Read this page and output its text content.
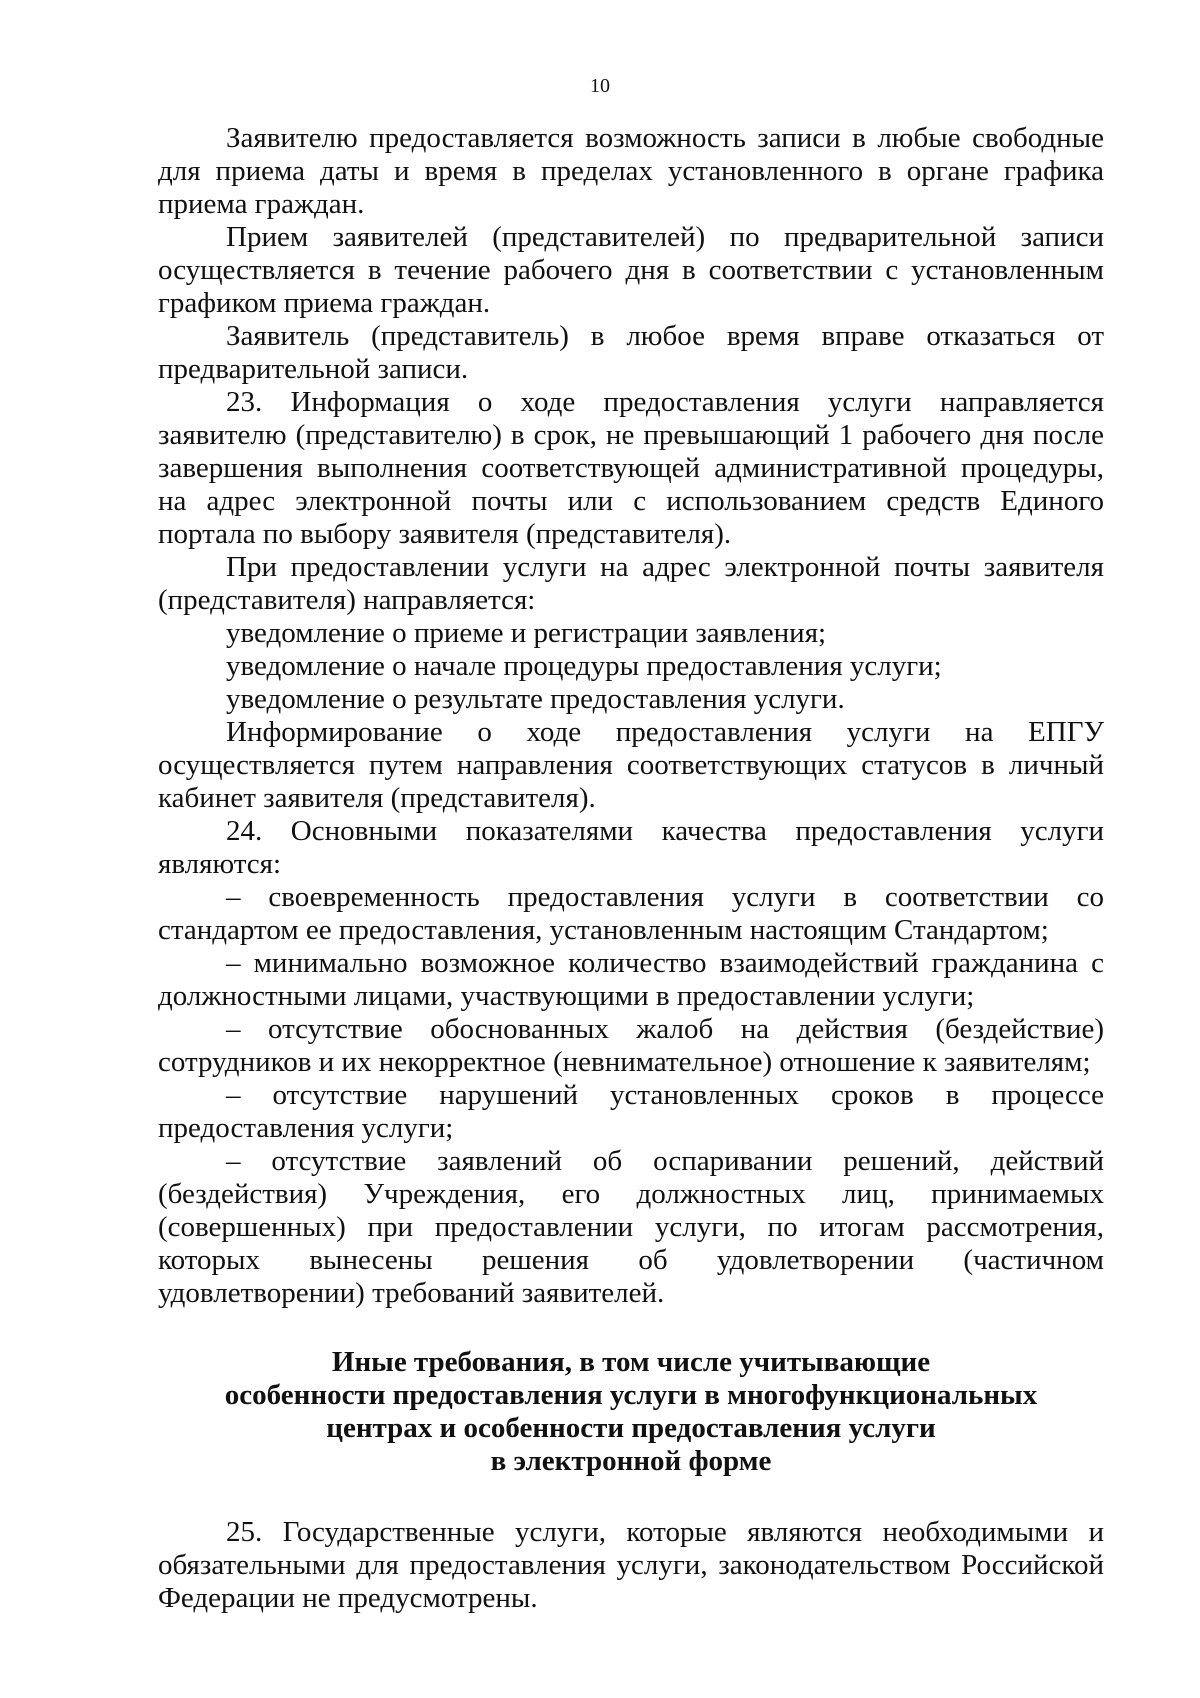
10

Заявителю предоставляется возможность записи в любые свободные для приема даты и время в пределах установленного в органе графика приема граждан.

Прием заявителей (представителей) по предварительной записи осуществляется в течение рабочего дня в соответствии с установленным графиком приема граждан.

Заявитель (представитель) в любое время вправе отказаться от предварительной записи.

23. Информация о ходе предоставления услуги направляется заявителю (представителю) в срок, не превышающий 1 рабочего дня после завершения выполнения соответствующей административной процедуры, на адрес электронной почты или с использованием средств Единого портала по выбору заявителя (представителя).

При предоставлении услуги на адрес электронной почты заявителя (представителя) направляется:

уведомление о приеме и регистрации заявления;

уведомление о начале процедуры предоставления услуги;

уведомление о результате предоставления услуги.

Информирование о ходе предоставления услуги на ЕПГУ осуществляется путем направления соответствующих статусов в личный кабинет заявителя (представителя).

24. Основными показателями качества предоставления услуги являются:

– своевременность предоставления услуги в соответствии со стандартом ее предоставления, установленным настоящим Стандартом;

– минимально возможное количество взаимодействий гражданина с должностными лицами, участвующими в предоставлении услуги;

– отсутствие обоснованных жалоб на действия (бездействие) сотрудников и их некорректное (невнимательное) отношение к заявителям;

– отсутствие нарушений установленных сроков в процессе предоставления услуги;

– отсутствие заявлений об оспаривании решений, действий (бездействия) Учреждения, его должностных лиц, принимаемых (совершенных) при предоставлении услуги, по итогам рассмотрения, которых вынесены решения об удовлетворении (частичном удовлетворении) требований заявителей.

Иные требования, в том числе учитывающие
особенности предоставления услуги в многофункциональных
центрах и особенности предоставления услуги
в электронной форме

25. Государственные услуги, которые являются необходимыми и обязательными для предоставления услуги, законодательством Российской Федерации не предусмотрены.
